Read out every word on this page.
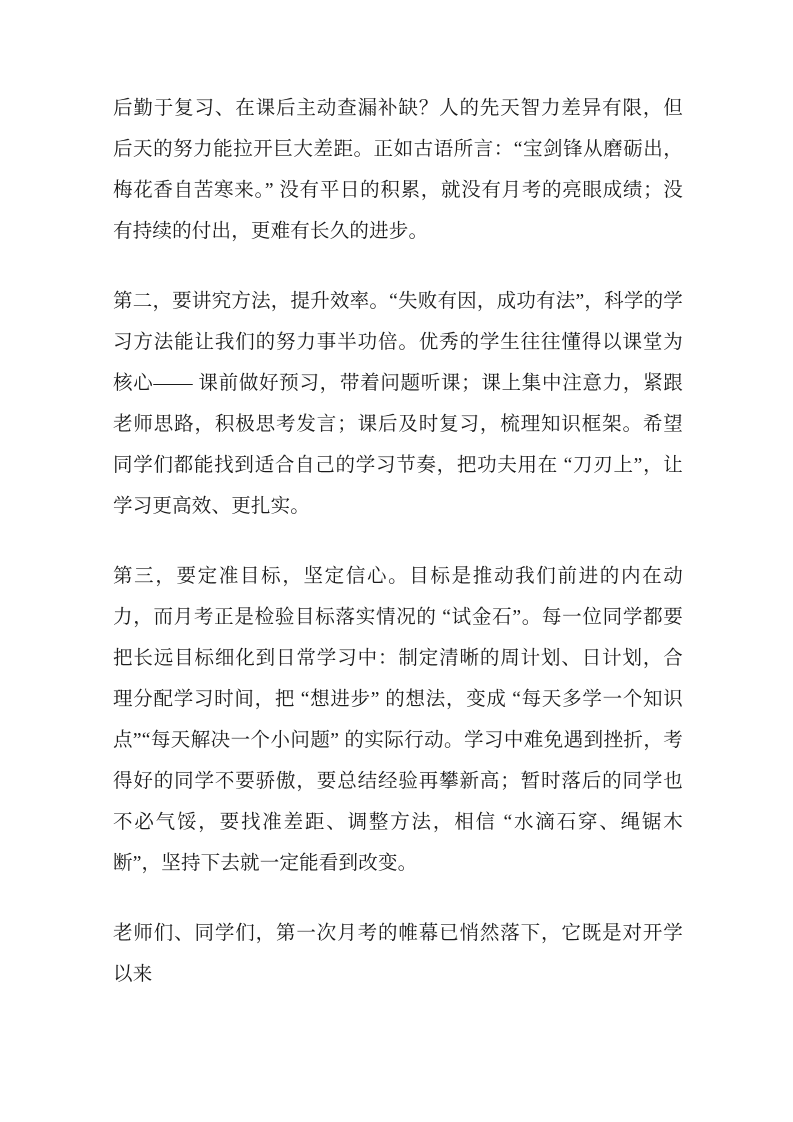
后勤于复习、在课后主动查漏补缺？人的先天智力差异有限，但后天的努力能拉开巨大差距。正如古语所言：“宝剑锋从磨砺出，梅花香自苦寒来。” 没有平日的积累，就没有月考的亮眼成绩；没有持续的付出，更难有长久的进步。

第二，要讲究方法，提升效率。“失败有因，成功有法”，科学的学习方法能让我们的努力事半功倍。优秀的学生往往懂得以课堂为核心—— 课前做好预习，带着问题听课；课上集中注意力，紧跟老师思路，积极思考发言；课后及时复习，梳理知识框架。希望同学们都能找到适合自己的学习节奏，把功夫用在 “刀刃上”，让学习更高效、更扎实。

第三，要定准目标，坚定信心。目标是推动我们前进的内在动力，而月考正是检验目标落实情况的 “试金石”。每一位同学都要把长远目标细化到日常学习中：制定清晰的周计划、日计划，合理分配学习时间，把 “想进步” 的想法，变成 “每天多学一个知识点”“每天解决一个小问题” 的实际行动。学习中难免遇到挫折，考得好的同学不要骄傲，要总结经验再攀新高；暂时落后的同学也不必气馁，要找准差距、调整方法，相信 “水滴石穿、绳锯木断”，坚持下去就一定能看到改变。

老师们、同学们，第一次月考的帷幕已悄然落下，它既是对开学以来
